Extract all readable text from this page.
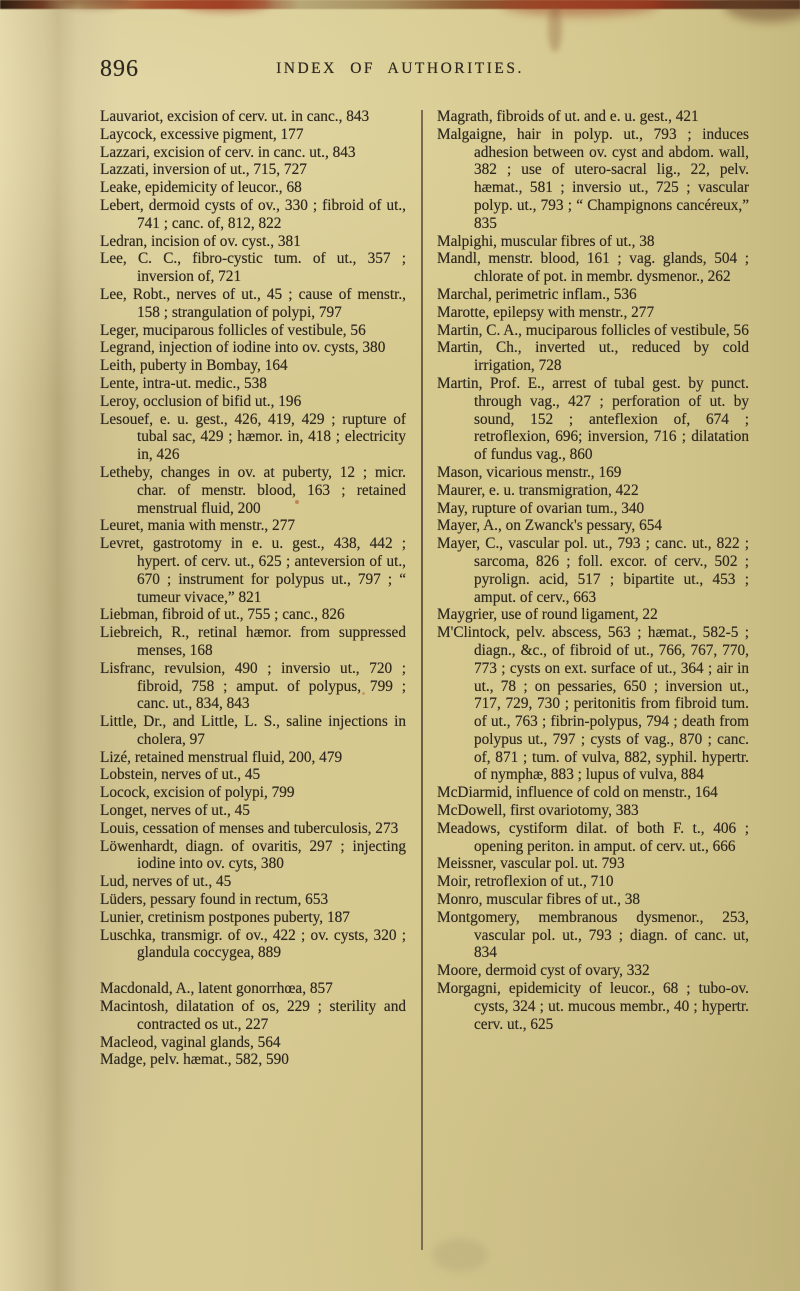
896	INDEX OF AUTHORITIES.

Lauvariot, excision of cerv. ut. in canc., 843

Laycock, excessive pigment, 177

Lazzari, excision of cerv. in canc. ut., 843

Lazzati, inversion of ut., 715, 727

Leake, epidemicity of leucor., 68

Lebert, dermoid cysts of ov., 330 ; fibroid of ut., 741 ; canc. of, 812, 822

Ledran, incision of ov. cyst., 381

Lee, C. C., fibro-cystic tum. of ut., 357 ; inversion of, 721

Lee, Robt., nerves of ut., 45 ; cause of menstr., 158 ; strangulation of polypi, 797

Leger, muciparous follicles of vestibule, 56

Legrand, injection of iodine into ov. cysts, 380

Leith, puberty in Bombay, 164

Lente, intra-ut. medic., 538

Leroy, occlusion of bifid ut., 196

Lesouef, e. u. gest., 426, 419, 429 ; rupture of tubal sac, 429 ; hæmor. in, 418 ; electricity in, 426

Letheby, changes in ov. at puberty, 12 ; micr. char. of menstr. blood, 163 ; retained menstrual fluid, 200

Leuret, mania with menstr., 277

Levret, gastrotomy in e. u. gest., 438, 442 ; hypert. of cerv. ut., 625 ; anteversion of ut., 670 ; instrument for polypus ut., 797 ; “ tumeur vivace,” 821

Liebman, fibroid of ut., 755 ; canc., 826

Liebreich, R., retinal hæmor. from suppressed menses, 168

Lisfranc, revulsion, 490 ; inversio ut., 720 ; fibroid, 758 ; amput. of polypus, 799 ; canc. ut., 834, 843

Little, Dr., and Little, L. S., saline injections in cholera, 97

Lizé, retained menstrual fluid, 200, 479

Lobstein, nerves of ut., 45

Locock, excision of polypi, 799

Longet, nerves of ut., 45

Louis, cessation of menses and tuberculosis, 273

Löwenhardt, diagn. of ovaritis, 297 ; injecting iodine into ov. cyts, 380

Lud, nerves of ut., 45

Lüders, pessary found in rectum, 653

Lunier, cretinism postpones puberty, 187

Luschka, transmigr. of ov., 422 ; ov. cysts, 320 ; glandula coccygea, 889

Macdonald, A., latent gonorrhœa, 857

Macintosh, dilatation of os, 229 ; sterility and contracted os ut., 227

Macleod, vaginal glands, 564

Madge, pelv. hæmat., 582, 590

Magrath, fibroids of ut. and e. u. gest., 421

Malgaigne, hair in polyp. ut., 793 ; induces adhesion between ov. cyst and abdom. wall, 382 ; use of utero-sacral lig., 22, pelv. hæmat., 581 ; inversio ut., 725 ; vascular polyp. ut., 793 ; “ Champignons cancéreux,” 835

Malpighi, muscular fibres of ut., 38

Mandl, menstr. blood, 161 ; vag. glands, 504 ; chlorate of pot. in membr. dysmenor., 262

Marchal, perimetric inflam., 536

Marotte, epilepsy with menstr., 277

Martin, C. A., muciparous follicles of vestibule, 56

Martin, Ch., inverted ut., reduced by cold irrigation, 728

Martin, Prof. E., arrest of tubal gest. by punct. through vag., 427 ; perforation of ut. by sound, 152 ; anteflexion of, 674 ; retroflexion, 696; inversion, 716 ; dilatation of fundus vag., 860

Mason, vicarious menstr., 169

Maurer, e. u. transmigration, 422

May, rupture of ovarian tum., 340

Mayer, A., on Zwanck's pessary, 654

Mayer, C., vascular pol. ut., 793 ; canc. ut., 822 ; sarcoma, 826 ; foll. excor. of cerv., 502 ; pyrolign. acid, 517 ; bipartite ut., 453 ; amput. of cerv., 663

Maygrier, use of round ligament, 22

M'Clintock, pelv. abscess, 563 ; hæmat., 582-5 ; diagn., &c., of fibroid of ut., 766, 767, 770, 773 ; cysts on ext. surface of ut., 364 ; air in ut., 78 ; on pessaries, 650 ; inversion ut., 717, 729, 730 ; peritonitis from fibroid tum. of ut., 763 ; fibrin-polypus, 794 ; death from polypus ut., 797 ; cysts of vag., 870 ; canc. of, 871 ; tum. of vulva, 882, syphil. hypertr. of nymphæ, 883 ; lupus of vulva, 884

McDiarmid, influence of cold on menstr., 164

McDowell, first ovariotomy, 383

Meadows, cystiform dilat. of both F. t., 406 ; opening periton. in amput. of cerv. ut., 666

Meissner, vascular pol. ut. 793

Moir, retroflexion of ut., 710

Monro, muscular fibres of ut., 38

Montgomery, membranous dysmenor., 253, vascular pol. ut., 793 ; diagn. of canc. ut, 834

Moore, dermoid cyst of ovary, 332

Morgagni, epidemicity of leucor., 68 ; tubo-ov. cysts, 324 ; ut. mucous membr., 40 ; hypertr. cerv. ut., 625
